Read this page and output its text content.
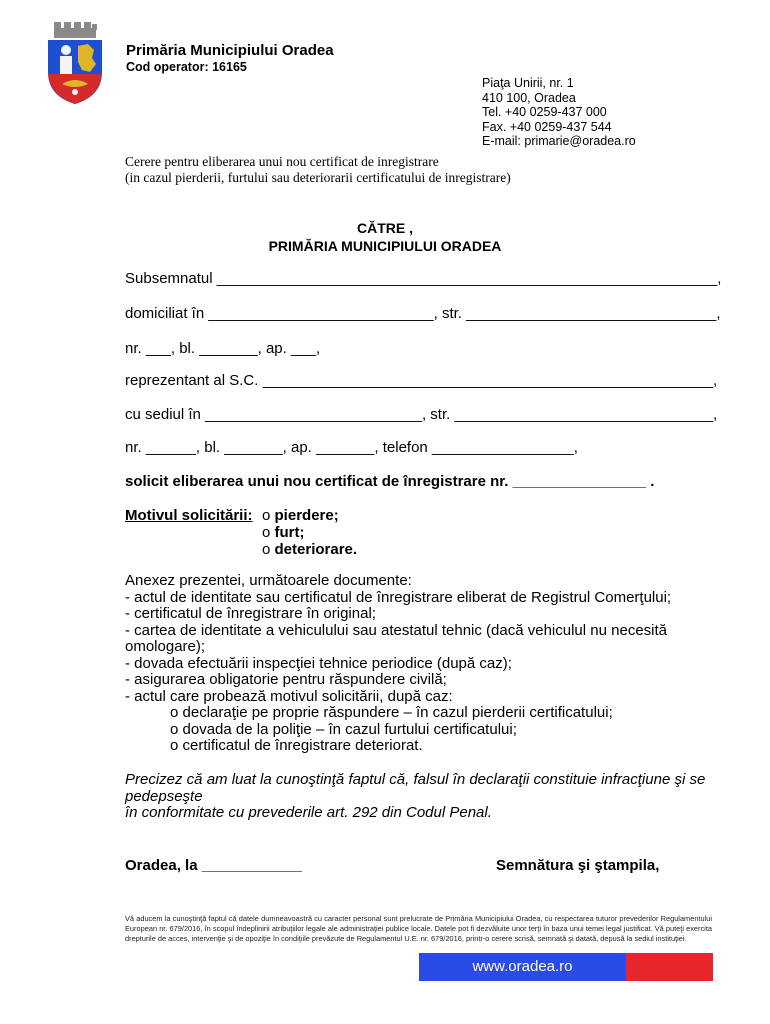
Primăria Municipiului Oradea
Cod operator: 16165
Piaţa Unirii, nr. 1
410 100, Oradea
Tel. +40 0259-437 000
Fax. +40 0259-437 544
E-mail: primarie@oradea.ro
Cerere pentru eliberarea unui nou certificat de inregistrare
(in cazul pierderii, furtului sau deteriorarii certificatului de inregistrare)
CĂTRE ,
PRIMĂRIA MUNICIPIULUI ORADEA
Subsemnatul ____________________________________________________________,
domiciliat în ___________________________, str. ______________________________,
nr. ___, bl. _______, ap. ___,
reprezentant al S.C. ______________________________________________________,
cu sediul în __________________________, str. _______________________________,
nr. ______, bl. _______, ap. _______, telefon _________________,
solicit eliberarea unui nou certificat de înregistrare nr. ________________ .
Motivul solicitării: o pierdere;
o furt;
o deteriorare.
Anexez prezentei, următoarele documente:
- actul de identitate sau certificatul de înregistrare eliberat de Registrul Comerţului;
- certificatul de înregistrare în original;
- cartea de identitate a vehiculului sau atestatul tehnic (dacă vehiculul nu necesită omologare);
- dovada efectuării inspecţiei tehnice periodice (după caz);
- asigurarea obligatorie pentru răspundere civilă;
- actul care probează motivul solicitării, după caz:
o declaraţie pe proprie răspundere – în cazul pierderii certificatului;
o dovada de la poliţie – în cazul furtului certificatului;
o certificatul de înregistrare deteriorat.
Precizez că am luat la cunoştinţă faptul că, falsul în declaraţii constituie infracţiune şi se pedepseşte
în conformitate cu prevederile art. 292 din Codul Penal.
Oradea, la ____________	Semnătura şi ştampila,
Vă aducem la cunoştinţă faptul că datele dumneavoastră cu caracter personal sunt prelucrate de Primăria Municipiului Oradea, cu respectarea tuturor prevederilor Regulamentului European nr. 679/2016, în scopul îndeplinirii atribuţiilor legale ale administraţiei publice locale. Datele pot fi dezvăluite unor terţi în baza unui temei legal justificat. Vă puteţi exercita drepturile de acces, intervenţie şi de opoziţie în condiţiile prevăzute de Regulamentul U.E. nr. 679/2016, printr-o cerere scrisă, semnată şi datată, depusă la sediul instituţiei.
www.oradea.ro
